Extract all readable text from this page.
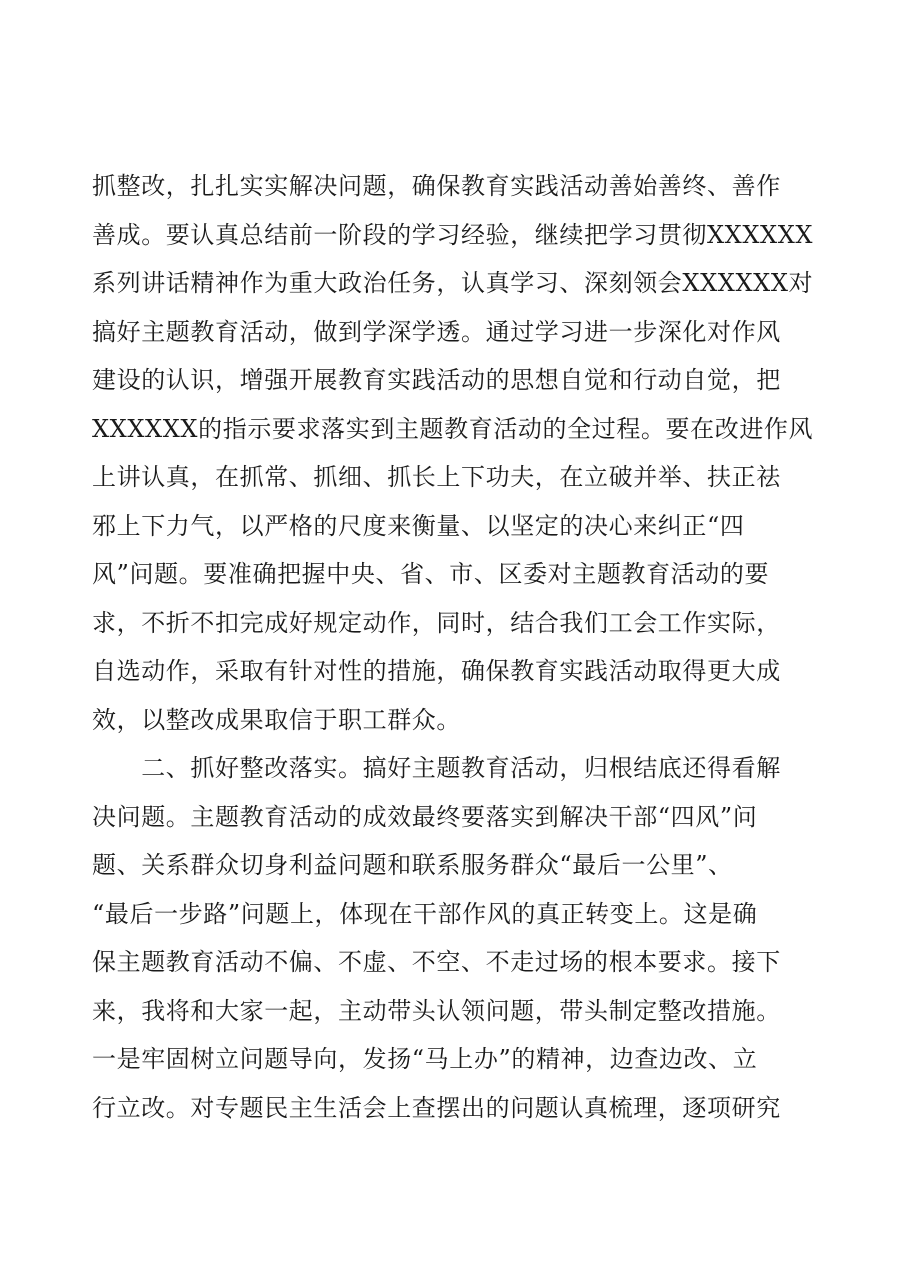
抓整改，扎扎实实解决问题，确保教育实践活动善始善终、善作
善成。要认真总结前一阶段的学习经验，继续把学习贯彻XXXXXX
系列讲话精神作为重大政治任务，认真学习、深刻领会XXXXXX对
搞好主题教育活动，做到学深学透。通过学习进一步深化对作风
建设的认识，增强开展教育实践活动的思想自觉和行动自觉，把
XXXXXX的指示要求落实到主题教育活动的全过程。要在改进作风
上讲认真，在抓常、抓细、抓长上下功夫，在立破并举、扶正祛
邪上下力气，以严格的尺度来衡量、以坚定的决心来纠正“四
风”问题。要准确把握中央、省、市、区委对主题教育活动的要
求，不折不扣完成好规定动作，同时，结合我们工会工作实际，
自选动作，采取有针对性的措施，确保教育实践活动取得更大成
效，以整改成果取信于职工群众。
　　二、抓好整改落实。搞好主题教育活动，归根结底还得看解
决问题。主题教育活动的成效最终要落实到解决干部“四风”问
题、关系群众切身利益问题和联系服务群众“最后一公里”、
“最后一步路”问题上，体现在干部作风的真正转变上。这是确
保主题教育活动不偏、不虚、不空、不走过场的根本要求。接下
来，我将和大家一起，主动带头认领问题，带头制定整改措施。
一是牢固树立问题导向，发扬“马上办”的精神，边查边改、立
行立改。对专题民主生活会上查摆出的问题认真梳理，逐项研究
